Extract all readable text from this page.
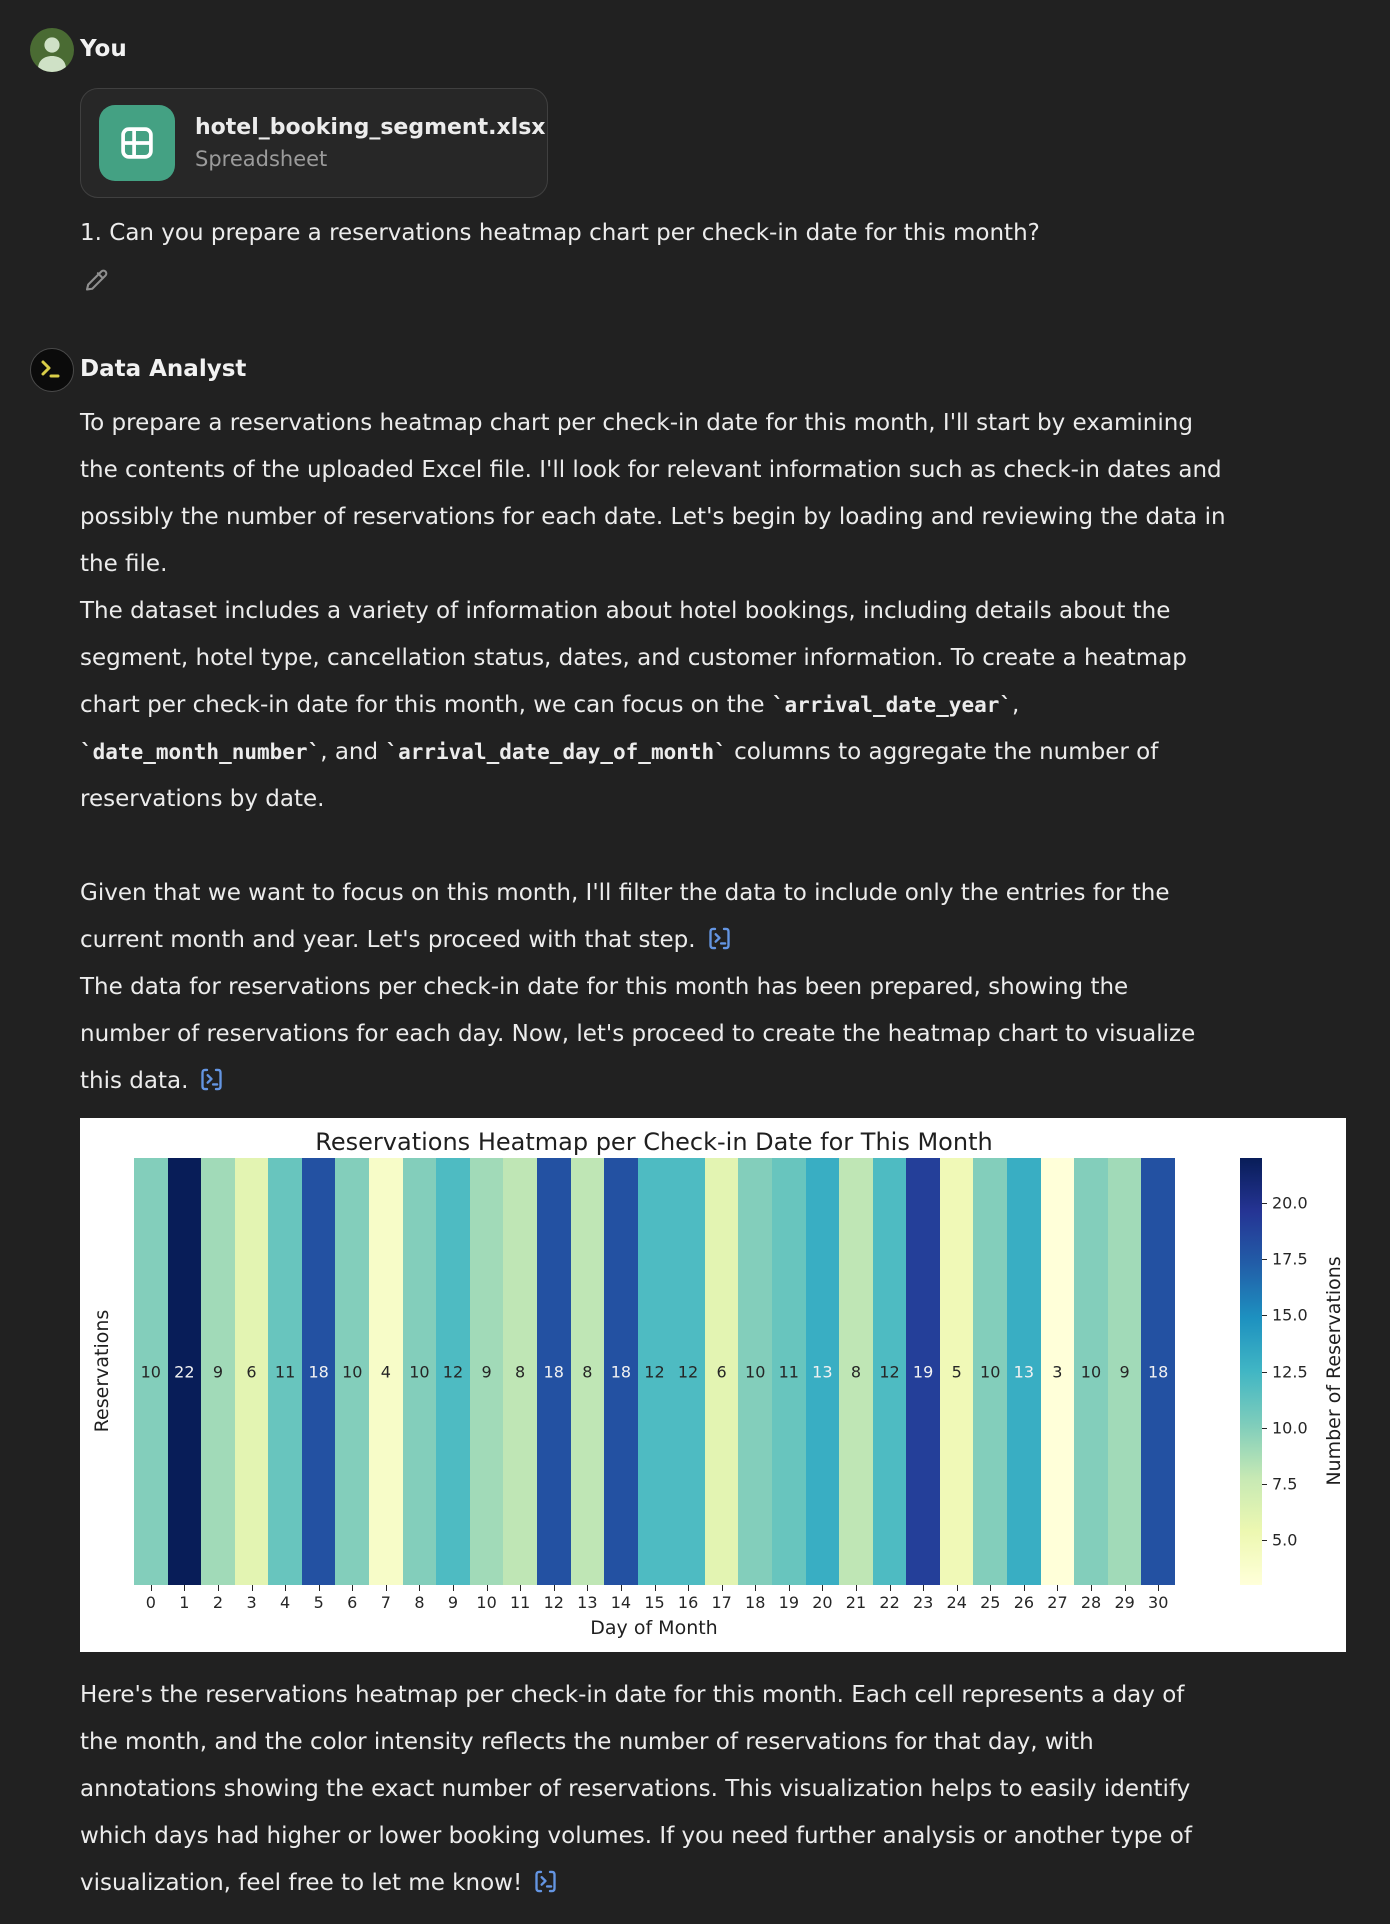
You
hotel_booking_segment.xlsx
Spreadsheet
1. Can you prepare a reservations heatmap chart per check-in date for this month?
Data Analyst

To prepare a reservations heatmap chart per check-in date for this month, I'll start by examining
the contents of the uploaded Excel file. I'll look for relevant information such as check-in dates and
possibly the number of reservations for each date. Let's begin by loading and reviewing the data in
the file.

The dataset includes a variety of information about hotel bookings, including details about the
segment, hotel type, cancellation status, dates, and customer information. To create a heatmap
chart per check-in date for this month, we can focus on the `arrival_date_year`,
`date_month_number`, and `arrival_date_day_of_month` columns to aggregate the number of
reservations by date.

Given that we want to focus on this month, I'll filter the data to include only the entries for the
current month and year. Let's proceed with that step.

The data for reservations per check-in date for this month has been prepared, showing the
number of reservations for each day. Now, let's proceed to create the heatmap chart to visualize
this data.

Reservations Heatmap per Check-in Date for This Month
Reservations 10 22 9 6 11 18 10 4 10 12 9 8 18 8 18 12 12 6 10 11 13 8 12 19 5 10 13 3 10 9 18
Day of Month
Number of Reservations
0 1 2 3 4 5 6 7 8 9 10 11 12 13 14 15 16 17 18 19 20 21 22 23 24 25 26 27 28 29 30
5.0
7.5
10.0
12.5
15.0
17.5
20.0

Here's the reservations heatmap per check-in date for this month. Each cell represents a day of
the month, and the color intensity reflects the number of reservations for that day, with
annotations showing the exact number of reservations. This visualization helps to easily identify
which days had higher or lower booking volumes. If you need further analysis or another type of
visualization, feel free to let me know!
